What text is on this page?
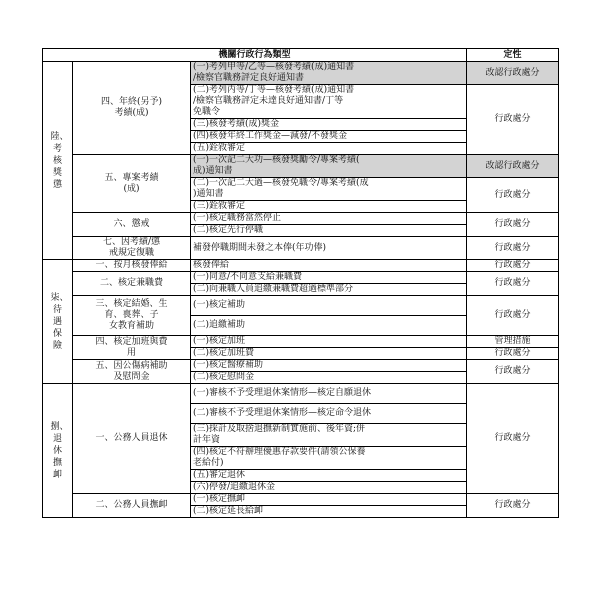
機關行政行為類型			定性
陸、
考核
獎懲	四、年終(另予)
考績(成)	(一)考列甲等/乙等—核發考績(成)通知書
/檢察官職務評定良好通知書	改認行政處分
		(二)考列丙等/丁等—核發考績(成)通知書
/檢察官職務評定未達良好通知書/丁等
免職令	行政處分
		(三)核發考績(成)獎金	
		(四)核發年終工作獎金—減發/不發獎金	
		(五)銓敘審定	
	五、專案考績
(成)	(一)一次記二大功—核發獎勵令/專案考績(
成)通知書	改認行政處分
		(二)一次記二大過—核發免職令/專案考績(成
)通知書	行政處分
		(三)銓敘審定	
	六、懲戒	(一)核定職務當然停止	行政處分
		(二)核定先行停職	
	七、因考績/懲
戒規定復職	補發停職期間未發之本俸(年功俸)	行政處分
柒、
待遇
保險	一、按月核發俸給	核發俸給	行政處分
	二、核定兼職費	(一)同意/不同意支給兼職費	行政處分
		(二)向兼職人員追繳兼職費超過標準部分	
	三、核定結婚、生
育、喪葬、子
女教育補助	(一)核定補助	行政處分
		(二)追繳補助	
	四、核定加班與費
用	(一)核定加班	管理措施
		(二)核定加班費	行政處分
	五、因公傷病補助
及慰問金	(一)核定醫療補助	行政處分
		(二)核定慰問金	
捌、
退休
撫卹	一、公務人員退休	(一)審核不予受理退休案情形—核定自願退休	行政處分
		(二)審核不予受理退休案情形—核定命令退休	
		(三)採計及取捨退撫新制實施前、後年資;併
計年資	
		(四)核定不符辦理優惠存款要件(請領公保養
老給付)	
		(五)審定退休	
		(六)停發/追繳退休金	
	二、公務人員撫卹	(一)核定撫卹	行政處分
		(二)核定延長給卹	
